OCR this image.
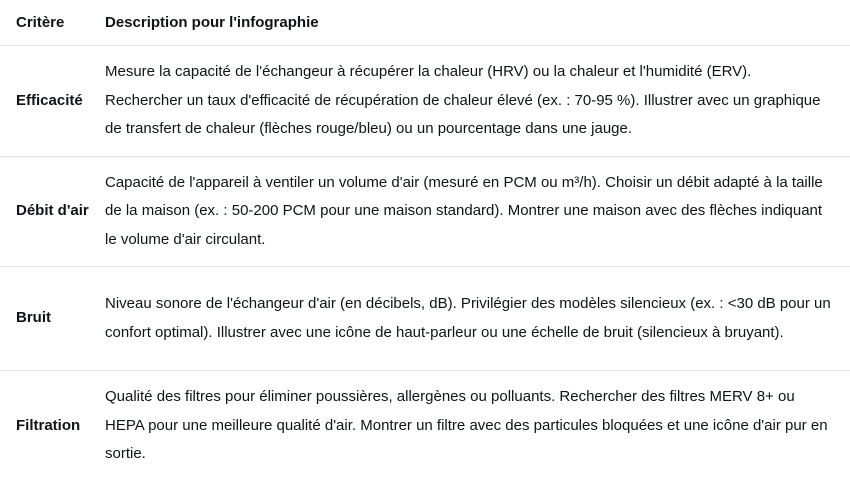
Critère	Description pour l'infographie
Efficacité	Mesure la capacité de l'échangeur à récupérer la chaleur (HRV) ou la chaleur et l'humidité (ERV). Rechercher un taux d'efficacité de récupération de chaleur élevé (ex. : 70-95 %). Illustrer avec un graphique de transfert de chaleur (flèches rouge/bleu) ou un pourcentage dans une jauge.
Débit d'air	Capacité de l'appareil à ventiler un volume d'air (mesuré en PCM ou m³/h). Choisir un débit adapté à la taille de la maison (ex. : 50-200 PCM pour une maison standard). Montrer une maison avec des flèches indiquant le volume d'air circulant.
Bruit	Niveau sonore de l'échangeur d'air (en décibels, dB). Privilégier des modèles silencieux (ex. : <30 dB pour un confort optimal). Illustrer avec une icône de haut-parleur ou une échelle de bruit (silencieux à bruyant).
Filtration	Qualité des filtres pour éliminer poussières, allergènes ou polluants. Rechercher des filtres MERV 8+ ou HEPA pour une meilleure qualité d'air. Montrer un filtre avec des particules bloquées et une icône d'air pur en sortie.
